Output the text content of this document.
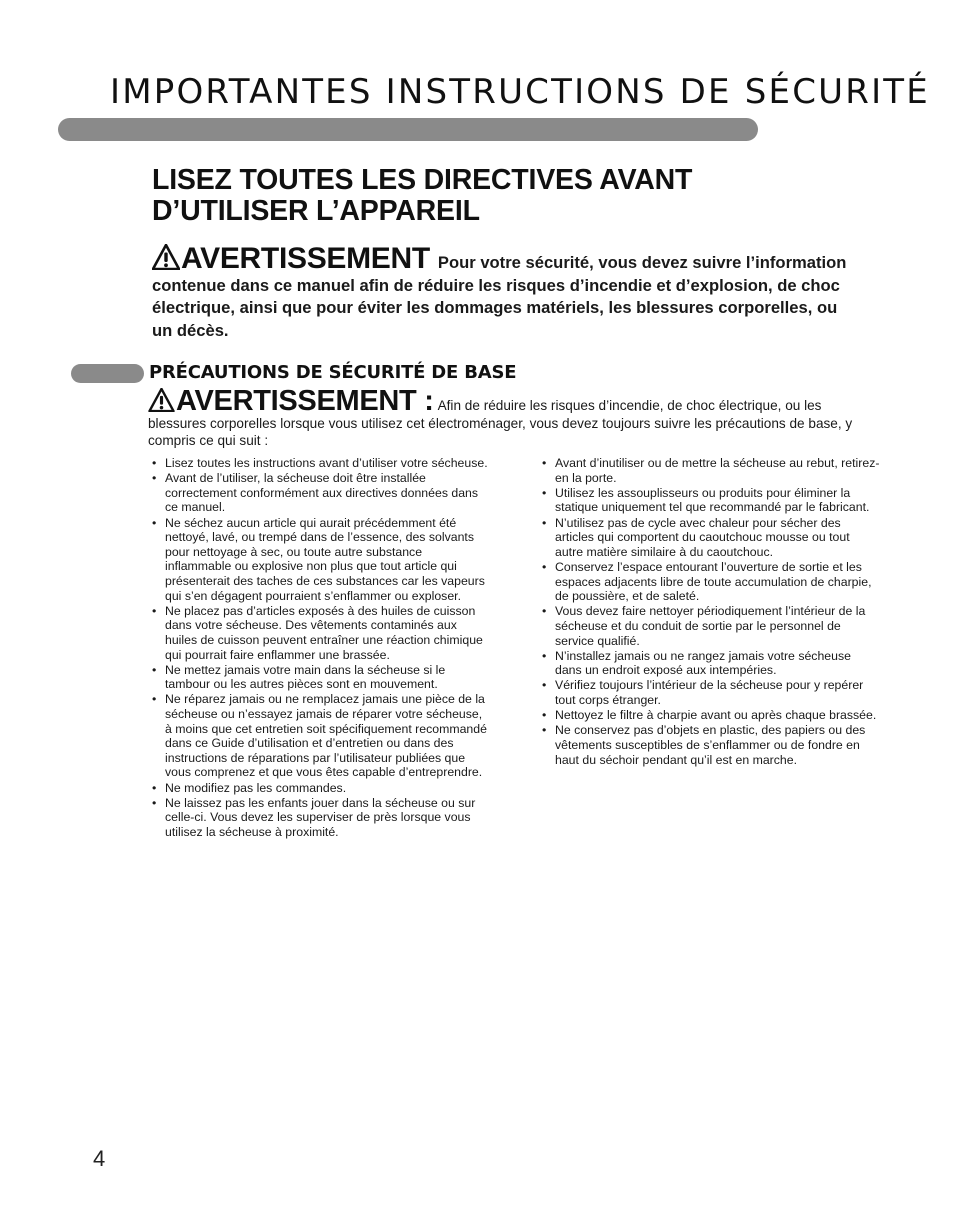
IMPORTANTES INSTRUCTIONS DE SÉCURITÉ
LISEZ TOUTES LES DIRECTIVES AVANT D’UTILISER L’APPAREIL
AVERTISSEMENT Pour votre sécurité, vous devez suivre l’information contenue dans ce manuel afin de réduire les risques d’incendie et d’explosion, de choc électrique, ainsi que pour éviter les dommages matériels, les blessures corporelles, ou un décès.
PRÉCAUTIONS DE SÉCURITÉ DE BASE
AVERTISSEMENT : Afin de réduire les risques d’incendie, de choc électrique, ou les blessures corporelles lorsque vous utilisez cet électroménager, vous devez toujours suivre les précautions de base, y compris ce qui suit :
• Lisez toutes les instructions avant d’utiliser votre sécheuse.
• Avant de l’utiliser, la sécheuse doit être installée correctement conformément aux directives données dans ce manuel.
• Ne séchez aucun article qui aurait précédemment été nettoyé, lavé, ou trempé dans de l’essence, des solvants pour nettoyage à sec, ou toute autre substance inflammable ou explosive non plus que tout article qui présenterait des taches de ces substances car les vapeurs qui s’en dégagent pourraient s’enflammer ou exploser.
• Ne placez pas d’articles exposés à des huiles de cuisson dans votre sécheuse. Des vêtements contaminés aux huiles de cuisson peuvent entraîner une réaction chimique qui pourrait faire enflammer une brassée.
• Ne mettez jamais votre main dans la sécheuse si le tambour ou les autres pièces sont en mouvement.
• Ne réparez jamais ou ne remplacez jamais une pièce de la sécheuse ou n’essayez jamais de réparer votre sécheuse, à moins que cet entretien soit spécifiquement recommandé dans ce Guide d’utilisation et d’entretien ou dans des instructions de réparations par l’utilisateur publiées que vous comprenez et que vous êtes capable d’entreprendre.
• Ne modifiez pas les commandes.
• Ne laissez pas les enfants jouer dans la sécheuse ou sur celle-ci. Vous devez les superviser de près lorsque vous utilisez la sécheuse à proximité.
• Avant d’inutiliser ou de mettre la sécheuse au rebut, retirez-en la porte.
• Utilisez les assouplisseurs ou produits pour éliminer la statique uniquement tel que recommandé par le fabricant.
• N’utilisez pas de cycle avec chaleur pour sécher des articles qui comportent du caoutchouc mousse ou tout autre matière similaire à du caoutchouc.
• Conservez l’espace entourant l’ouverture de sortie et les espaces adjacents libre de toute accumulation de charpie, de poussière, et de saleté.
• Vous devez faire nettoyer périodiquement l’intérieur de la sécheuse et du conduit de sortie par le personnel de service qualifié.
• N’installez jamais ou ne rangez jamais votre sécheuse dans un endroit exposé aux intempéries.
• Vérifiez toujours l’intérieur de la sécheuse pour y repérer tout corps étranger.
• Nettoyez le filtre à charpie avant ou après chaque brassée.
• Ne conservez pas d’objets en plastic, des papiers ou des vêtements susceptibles de s’enflammer ou de fondre en haut du séchoir pendant qu’il est en marche.
4
